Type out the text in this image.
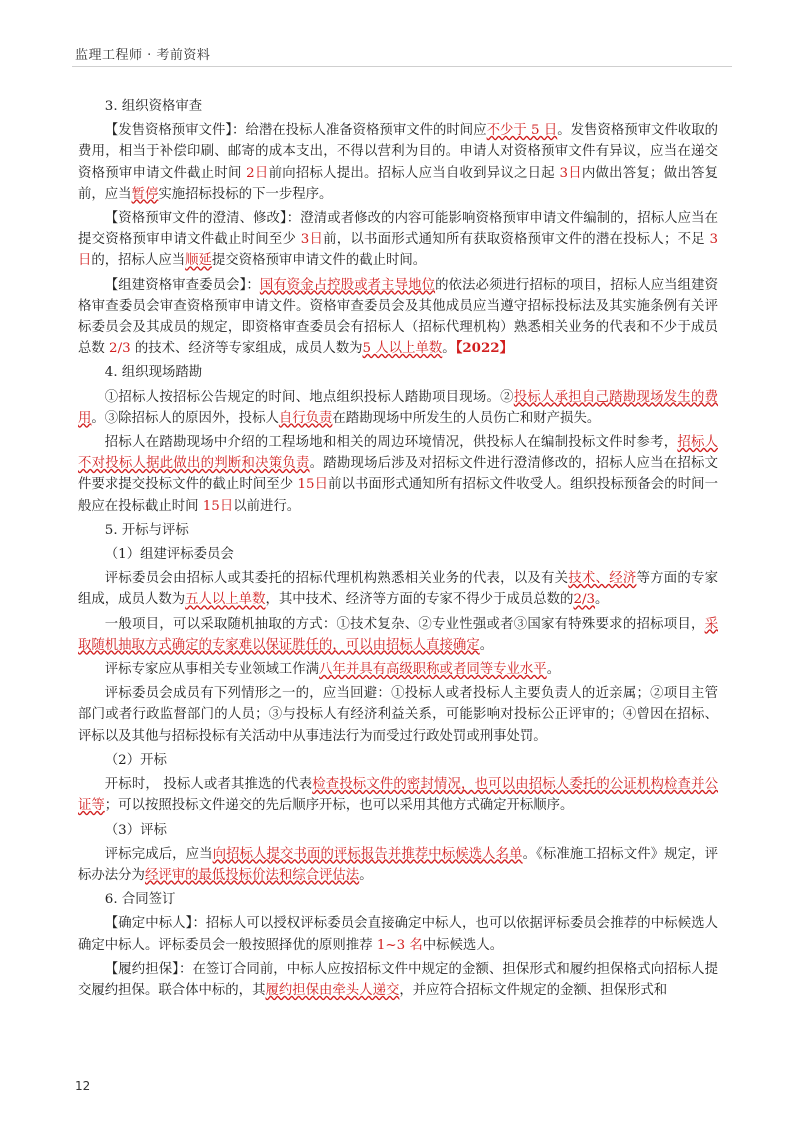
监理工程师 · 考前资料

3. 组织资格审查

【发售资格预审文件】：给潜在投标人准备资格预审文件的时间应不少于 5 日。发售资格预审文件收取的费用，相当于补偿印刷、邮寄的成本支出，不得以营利为目的。申请人对资格预审文件有异议，应当在递交资格预审申请文件截止时间 2日前向招标人提出。招标人应当自收到异议之日起 3日内做出答复；做出答复前，应当暂停实施招标投标的下一步程序。

【资格预审文件的澄清、修改】：澄清或者修改的内容可能影响资格预审申请文件编制的，招标人应当在提交资格预审申请文件截止时间至少 3日前，以书面形式通知所有获取资格预审文件的潜在投标人；不足 3日的，招标人应当顺延提交资格预审申请文件的截止时间。

【组建资格审查委员会】：国有资金占控股或者主导地位的依法必须进行招标的项目，招标人应当组建资格审查委员会审查资格预审申请文件。资格审查委员会及其他成员应当遵守招标投标法及其实施条例有关评标委员会及其成员的规定，即资格审查委员会有招标人（招标代理机构）熟悉相关业务的代表和不少于成员总数 2/3 的技术、经济等专家组成，成员人数为5 人以上单数。【2022】

4. 组织现场踏勘

①招标人按招标公告规定的时间、地点组织投标人踏勘项目现场。②投标人承担自己踏勘现场发生的费用。③除招标人的原因外，投标人自行负责在踏勘现场中所发生的人员伤亡和财产损失。

招标人在踏勘现场中介绍的工程场地和相关的周边环境情况，供投标人在编制投标文件时参考，招标人不对投标人据此做出的判断和决策负责。踏勘现场后涉及对招标文件进行澄清修改的，招标人应当在招标文件要求提交投标文件的截止时间至少 15日前以书面形式通知所有招标文件收受人。组织投标预备会的时间一般应在投标截止时间 15日以前进行。

5. 开标与评标

（1）组建评标委员会

评标委员会由招标人或其委托的招标代理机构熟悉相关业务的代表，以及有关技术、经济等方面的专家组成，成员人数为五人以上单数，其中技术、经济等方面的专家不得少于成员总数的2/3。

一般项目，可以采取随机抽取的方式：①技术复杂、②专业性强或者③国家有特殊要求的招标项目，采取随机抽取方式确定的专家难以保证胜任的，可以由招标人直接确定。

评标专家应从事相关专业领域工作满八年并具有高级职称或者同等专业水平。

评标委员会成员有下列情形之一的，应当回避：①投标人或者投标人主要负责人的近亲属；②项目主管部门或者行政监督部门的人员；③与投标人有经济利益关系，可能影响对投标公正评审的；④曾因在招标、评标以及其他与招标投标有关活动中从事违法行为而受过行政处罚或刑事处罚。

（2）开标

开标时， 投标人或者其推选的代表检查投标文件的密封情况，也可以由招标人委托的公证机构检查并公证等；可以按照投标文件递交的先后顺序开标，也可以采用其他方式确定开标顺序。

（3）评标

评标完成后，应当向招标人提交书面的评标报告并推荐中标候选人名单。《标准施工招标文件》规定，评标办法分为经评审的最低投标价法和综合评估法。

6. 合同签订

【确定中标人】：招标人可以授权评标委员会直接确定中标人，也可以依据评标委员会推荐的中标候选人确定中标人。评标委员会一般按照择优的原则推荐 1~3 名中标候选人。

【履约担保】：在签订合同前，中标人应按招标文件中规定的金额、担保形式和履约担保格式向招标人提交履约担保。联合体中标的，其履约担保由牵头人递交，并应符合招标文件规定的金额、担保形式和

12
